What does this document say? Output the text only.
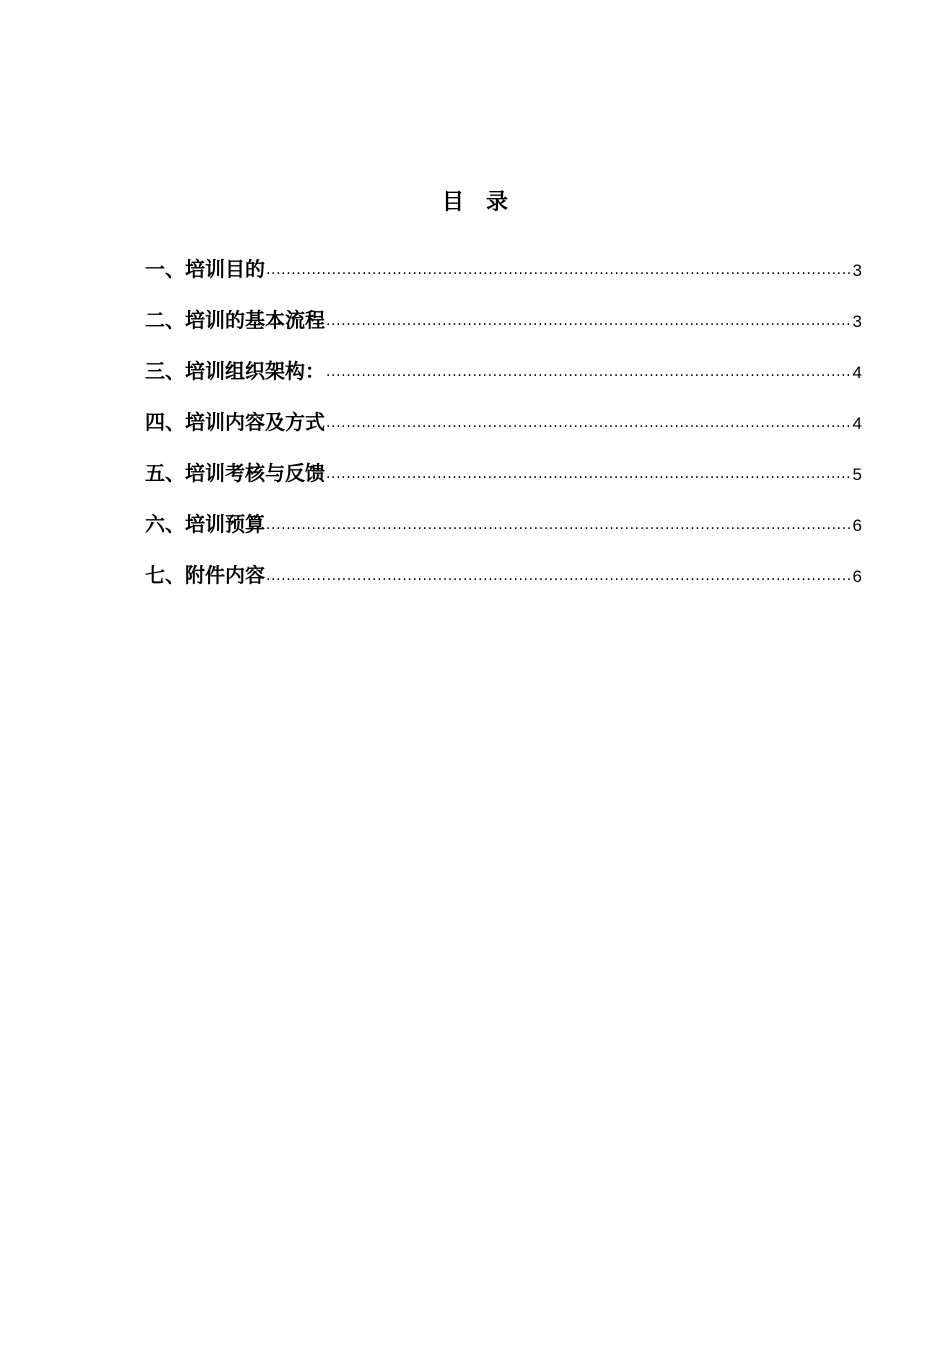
目　录
一、培训目的 .....	3
二、培训的基本流程 .....	3
三、培训组织架构： .....	4
四、培训内容及方式 .....	4
五、培训考核与反馈 .....	5
六、培训预算 .....	6
七、附件内容 .....	6
